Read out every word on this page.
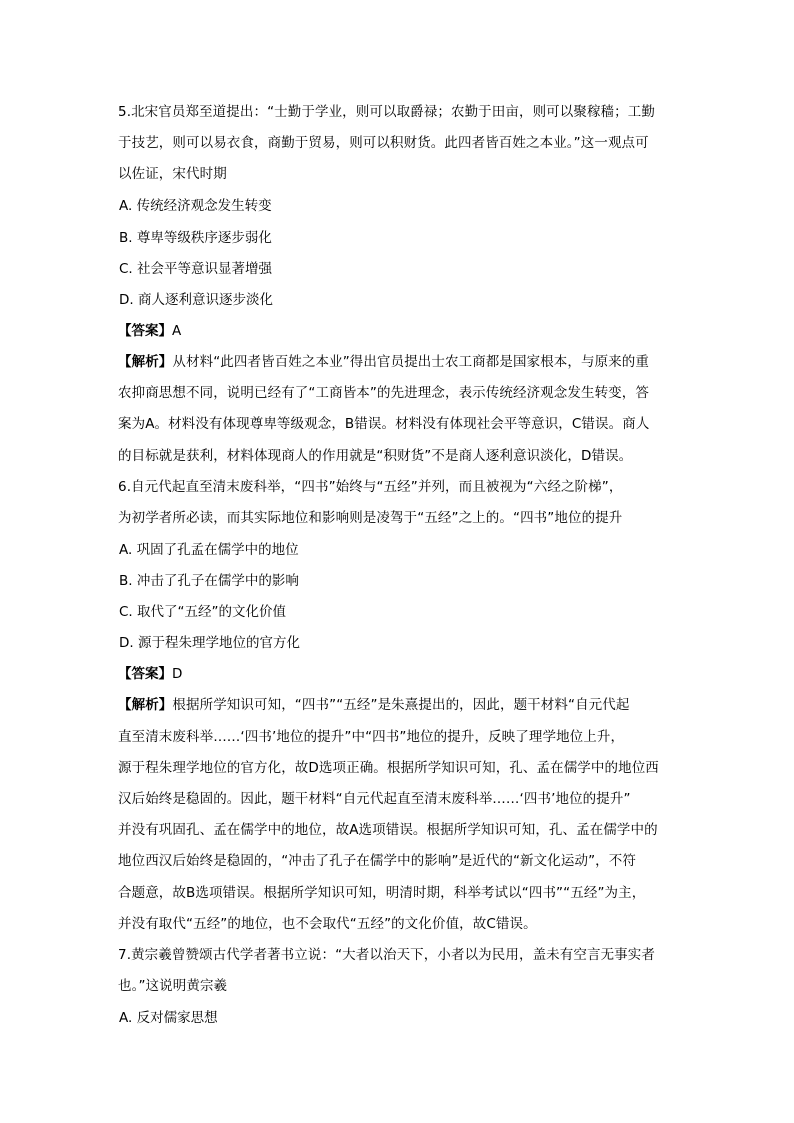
5.北宋官员郑至道提出：“士勤于学业，则可以取爵禄；农勤于田亩，则可以聚稼穑；工勤
于技艺，则可以易衣食，商勤于贸易，则可以积财货。此四者皆百姓之本业。”这一观点可
以佐证，宋代时期
A. 传统经济观念发生转变
B. 尊卑等级秩序逐步弱化
C. 社会平等意识显著增强
D. 商人逐利意识逐步淡化
【答案】A
【解析】从材料“此四者皆百姓之本业”得出官员提出士农工商都是国家根本，与原来的重
农抑商思想不同，说明已经有了“工商皆本”的先进理念，表示传统经济观念发生转变，答
案为A。材料没有体现尊卑等级观念，B错误。材料没有体现社会平等意识，C错误。商人
的目标就是获利，材料体现商人的作用就是“积财货”不是商人逐利意识淡化，D错误。
6.自元代起直至清末废科举，“四书”始终与“五经”并列，而且被视为“六经之阶梯”，
为初学者所必读，而其实际地位和影响则是凌驾于“五经”之上的。“四书”地位的提升
A. 巩固了孔孟在儒学中的地位
B. 冲击了孔子在儒学中的影响
C. 取代了“五经”的文化价值
D. 源于程朱理学地位的官方化
【答案】D
【解析】根据所学知识可知，“四书”“五经”是朱熹提出的，因此，题干材料“自元代起
直至清末废科举……‘四书’地位的提升”中“四书”地位的提升，反映了理学地位上升，
源于程朱理学地位的官方化，故D选项正确。根据所学知识可知，孔、孟在儒学中的地位西
汉后始终是稳固的。因此，题干材料“自元代起直至清末废科举……‘四书’地位的提升”
并没有巩固孔、孟在儒学中的地位，故A选项错误。根据所学知识可知，孔、孟在儒学中的
地位西汉后始终是稳固的，“冲击了孔子在儒学中的影响”是近代的“新文化运动”，不符
合题意，故B选项错误。根据所学知识可知，明清时期，科举考试以“四书”“五经”为主，
并没有取代“五经”的地位，也不会取代“五经”的文化价值，故C错误。
7.黄宗羲曾赞颂古代学者著书立说：“大者以治天下，小者以为民用，盖未有空言无事实者
也。”这说明黄宗羲
A. 反对儒家思想
